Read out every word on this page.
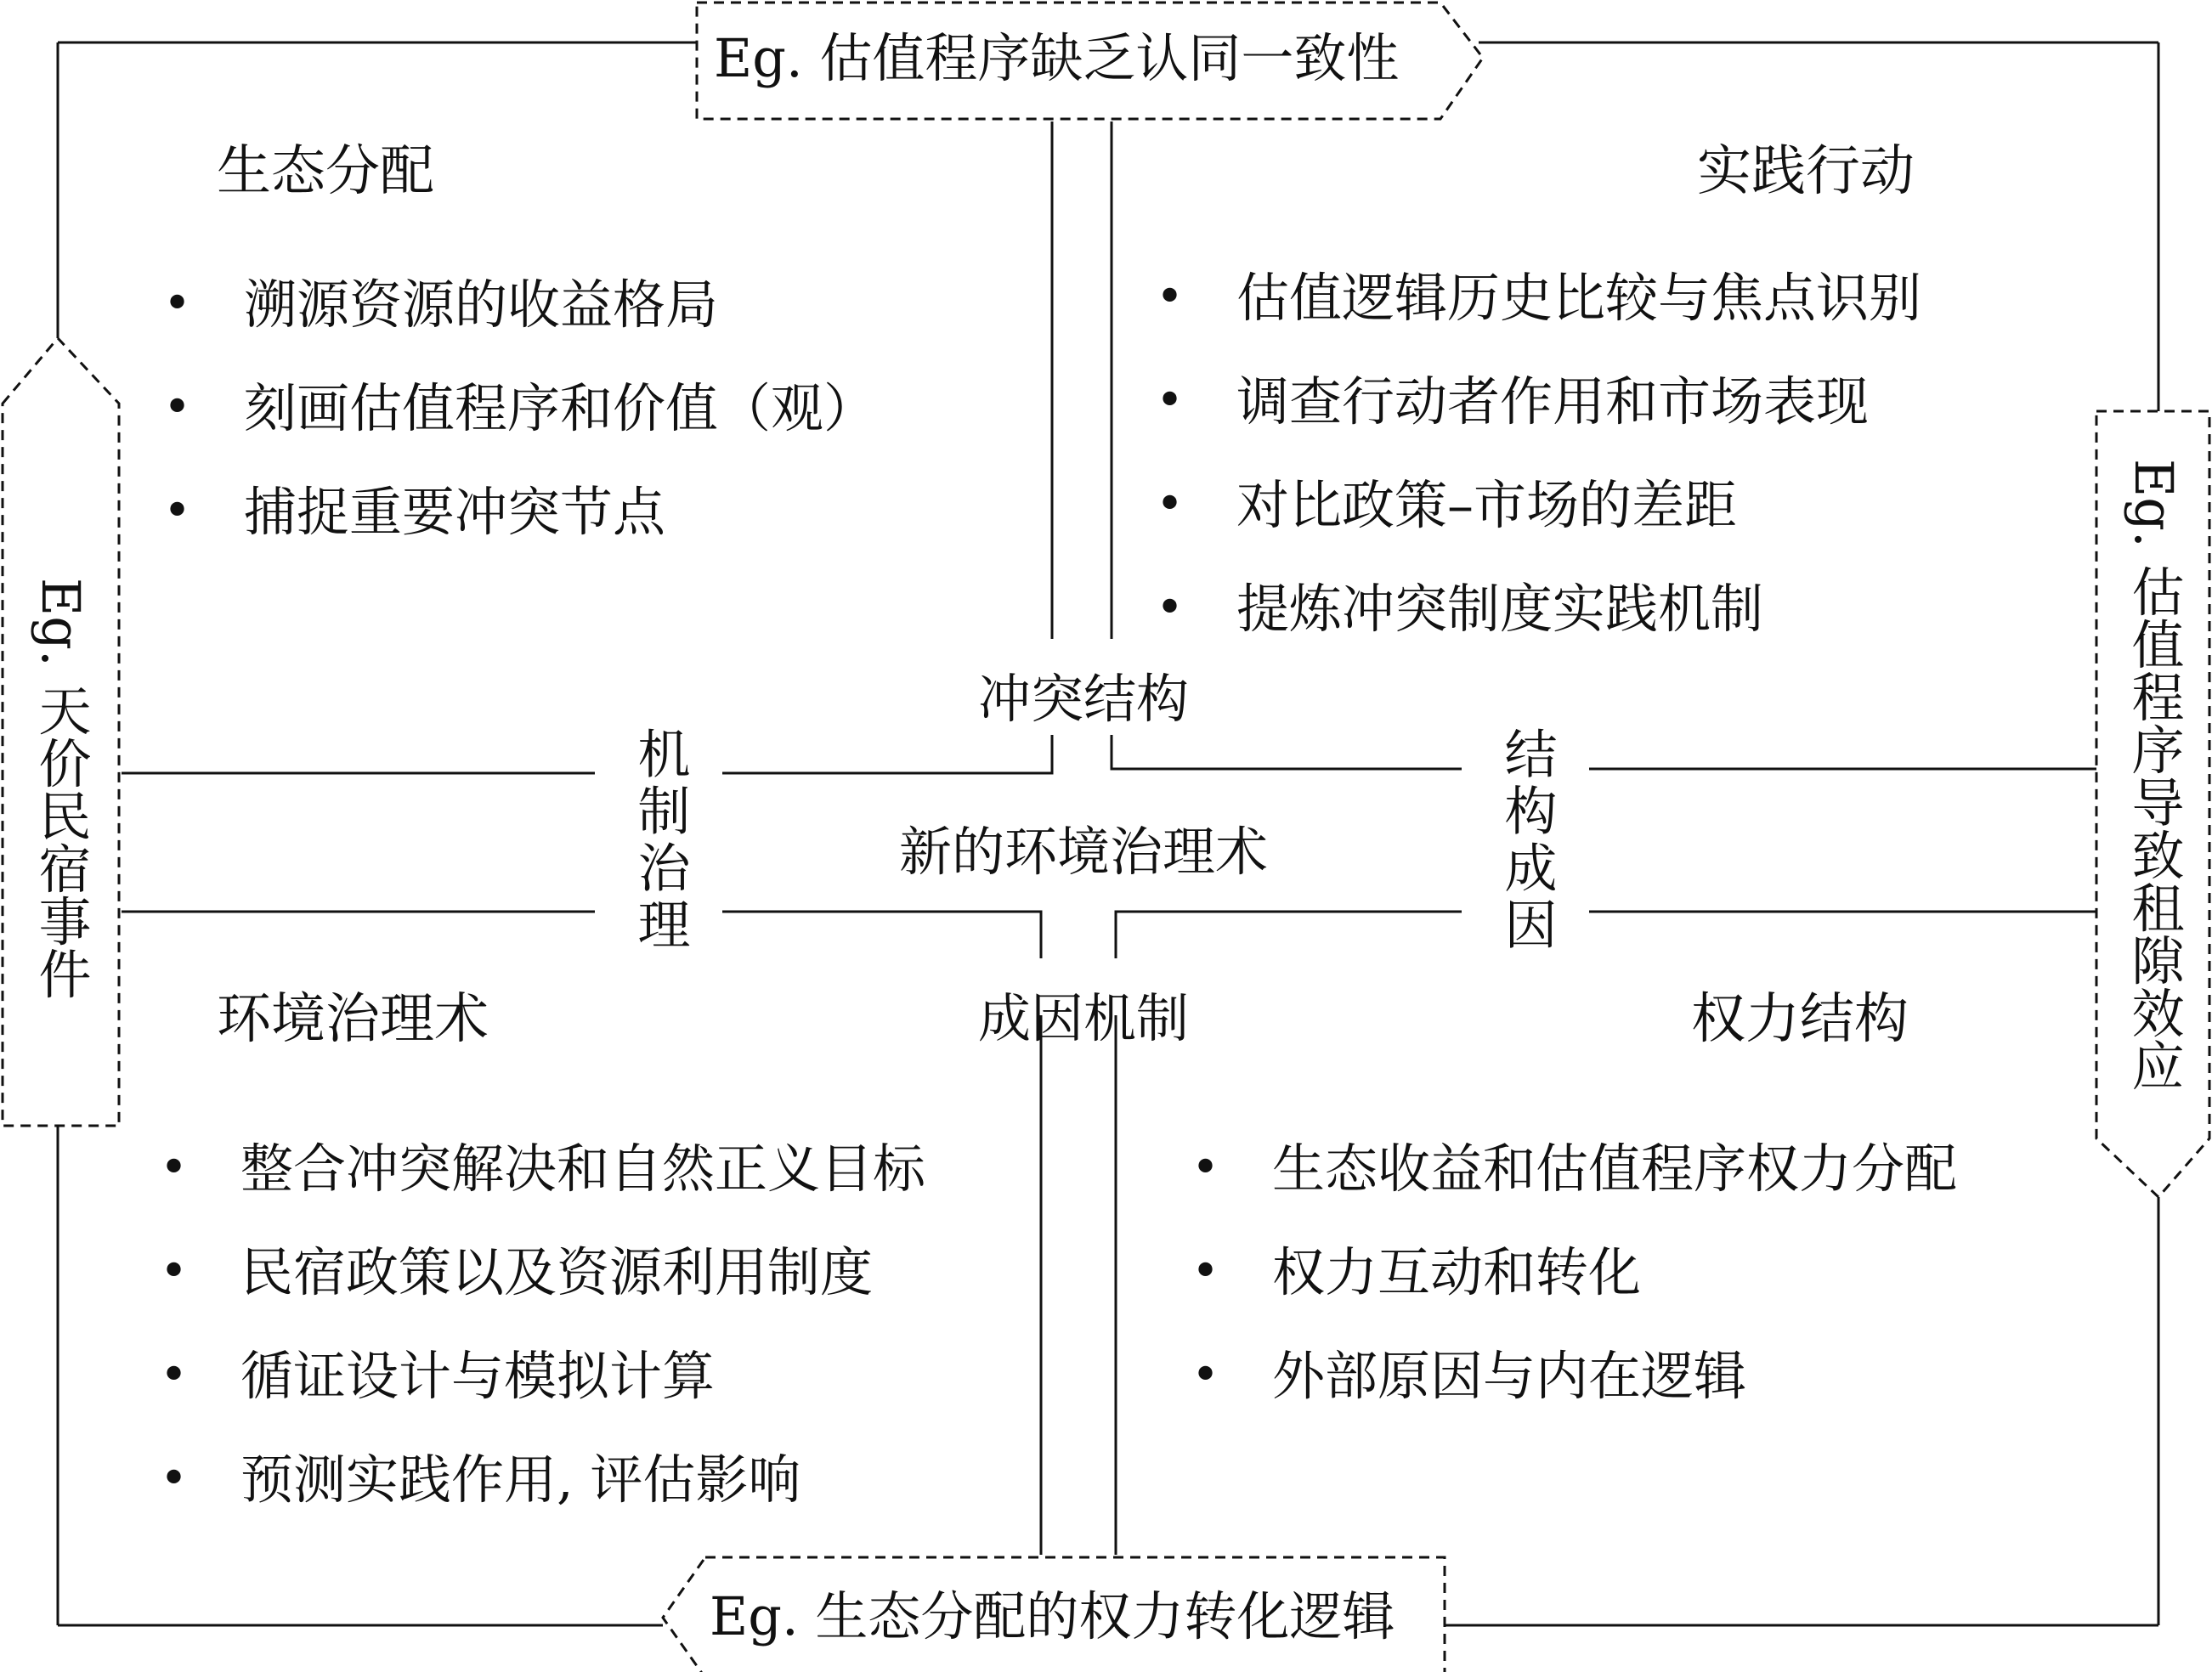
生态分配	实践行动
环境治理术	权力结构
• 溯源资源的收益格局
• 刻画估值程序和价值（观）
• 捕捉重要冲突节点
• 估值逻辑历史比较与焦点识别
• 调查行动者作用和市场表现
• 对比政策–市场的差距
• 提炼冲突制度实践机制
• 整合冲突解决和自然正义目标
• 民宿政策以及资源利用制度
• 循证设计与模拟计算
• 预测实践作用, 评估影响
• 生态收益和估值程序权力分配
• 权力互动和转化
• 外部原因与内在逻辑
冲突结构
新的环境治理术
成因机制
机制治理	结构成因
Eg. 估值程序缺乏认同一致性
Eg. 生态分配的权力转化逻辑
Eg. 天价民宿事件	Eg. 估值程序导致租隙效应
